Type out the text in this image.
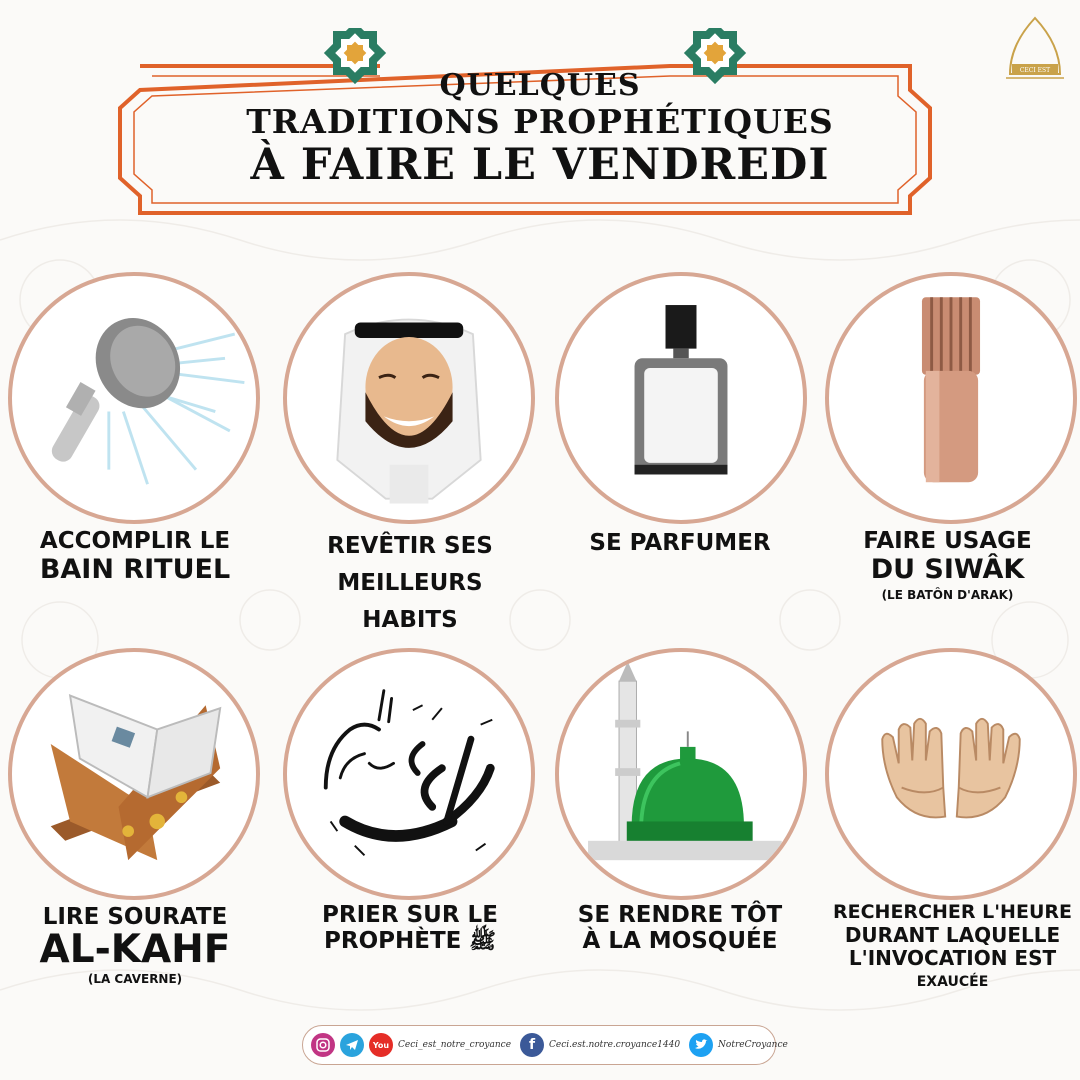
QUELQUES
TRADITIONS PROPHÉTIQUES
À FAIRE LE VENDREDI
CECI EST
ACCOMPLIR LE
BAIN RITUEL
REVÊTIR SES
MEILLEURS
HABITS
SE PARFUMER	FAIRE USAGE
DU SIWÂK
(LE BATÔN D'ARAK)
LIRE SOURATE
AL-KAHF
(LA CAVERNE)
PRIER SUR LE
PROPHÈTE ﷺ
SE RENDRE TÔT
À LA MOSQUÉE
RECHERCHER L'HEURE
DURANT LAQUELLE
L'INVOCATION EST
EXAUCÉE
You Ceci_est_notre_croyance	f	Ceci.est.notre.croyance1440	NotreCroyance
